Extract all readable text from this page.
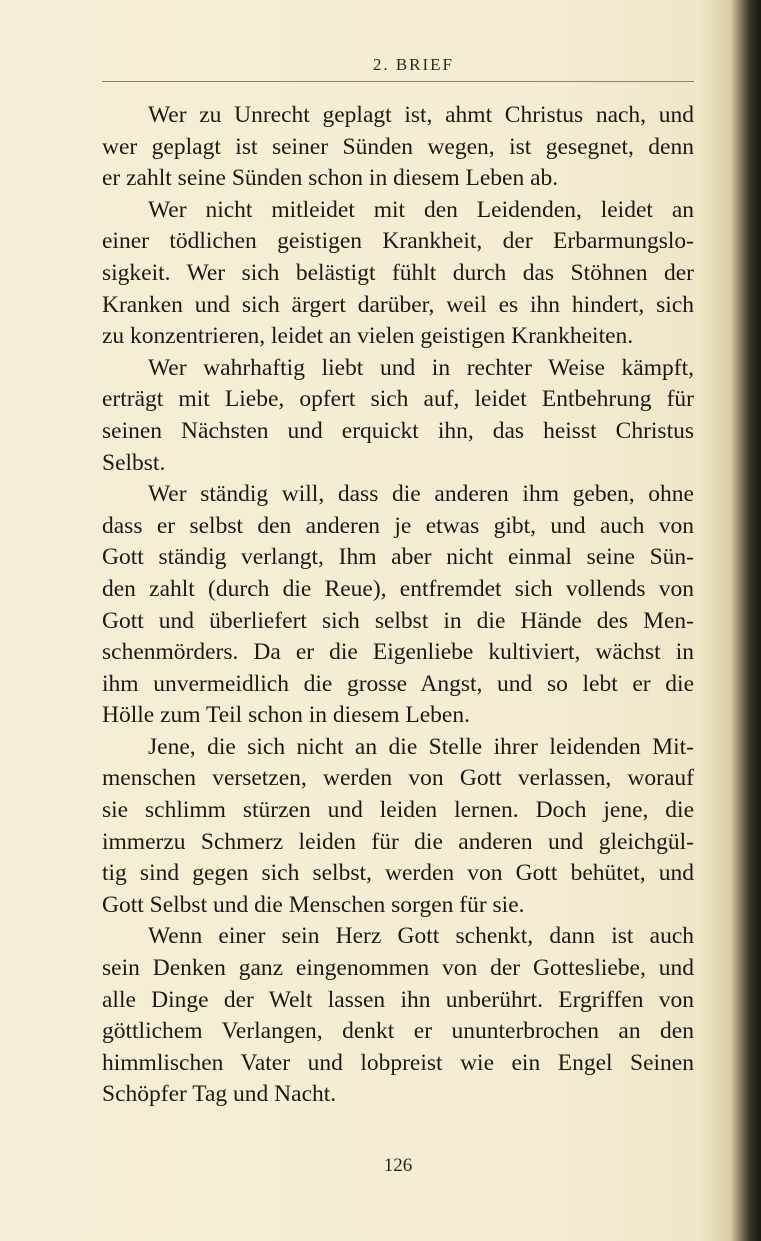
2. BRIEF
Wer zu Unrecht geplagt ist, ahmt Christus nach, und
wer geplagt ist seiner Sünden wegen, ist gesegnet, denn
er zahlt seine Sünden schon in diesem Leben ab.
Wer nicht mitleidet mit den Leidenden, leidet an
einer tödlichen geistigen Krankheit, der Erbarmungslo-
sigkeit. Wer sich belästigt fühlt durch das Stöhnen der
Kranken und sich ärgert darüber, weil es ihn hindert, sich
zu konzentrieren, leidet an vielen geistigen Krankheiten.
Wer wahrhaftig liebt und in rechter Weise kämpft,
erträgt mit Liebe, opfert sich auf, leidet Entbehrung für
seinen Nächsten und erquickt ihn, das heisst Christus
Selbst.
Wer ständig will, dass die anderen ihm geben, ohne
dass er selbst den anderen je etwas gibt, und auch von
Gott ständig verlangt, Ihm aber nicht einmal seine Sün-
den zahlt (durch die Reue), entfremdet sich vollends von
Gott und überliefert sich selbst in die Hände des Men-
schenmörders. Da er die Eigenliebe kultiviert, wächst in
ihm unvermeidlich die grosse Angst, und so lebt er die
Hölle zum Teil schon in diesem Leben.
Jene, die sich nicht an die Stelle ihrer leidenden Mit-
menschen versetzen, werden von Gott verlassen, worauf
sie schlimm stürzen und leiden lernen. Doch jene, die
immerzu Schmerz leiden für die anderen und gleichgül-
tig sind gegen sich selbst, werden von Gott behütet, und
Gott Selbst und die Menschen sorgen für sie.
Wenn einer sein Herz Gott schenkt, dann ist auch
sein Denken ganz eingenommen von der Gottesliebe, und
alle Dinge der Welt lassen ihn unberührt. Ergriffen von
göttlichem Verlangen, denkt er ununterbrochen an den
himmlischen Vater und lobpreist wie ein Engel Seinen
Schöpfer Tag und Nacht.
126
